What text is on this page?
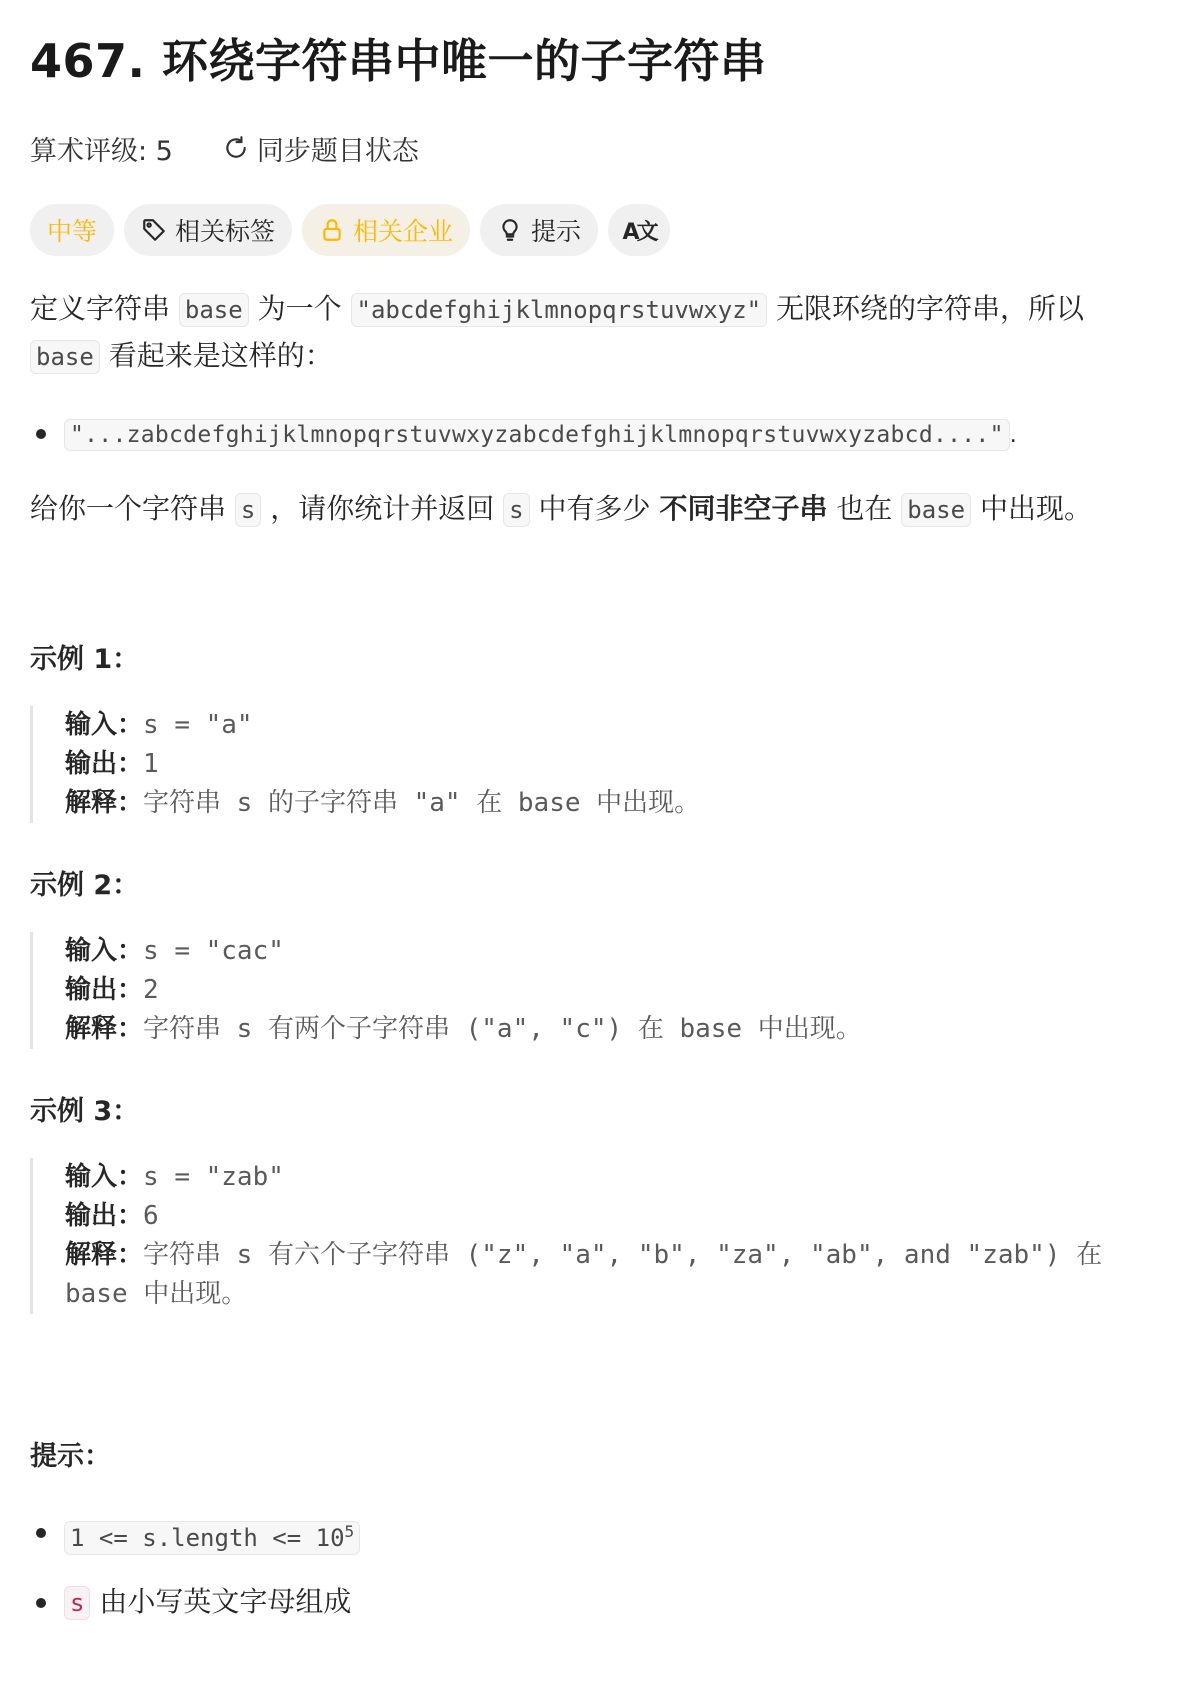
467. 环绕字符串中唯一的子字符串
算术评级: 5	同步题目状态
中等	相关标签	相关企业	提示 A文

定义字符串 base 为一个 "abcdefghijklmnopqrstuvwxyz" 无限环绕的字符串，所以 base 看起来是这样的：

"...zabcdefghijklmnopqrstuvwxyzabcdefghijklmnopqrstuvwxyzabcd...." .

给你一个字符串 s ，请你统计并返回 s 中有多少 不同非空子串 也在 base 中出现。

示例 1：

输入：s = "a"
输出：1
解释：字符串 s 的子字符串 "a" 在 base 中出现。

示例 2：

输入：s = "cac"
输出：2
解释：字符串 s 有两个子字符串 ("a", "c") 在 base 中出现。

示例 3：

输入：s = "zab"
输出：6
解释：字符串 s 有六个子字符串 ("z", "a", "b", "za", "ab", and "zab") 在 base 中出现。

提示：

1 <= s.length <= $10^5$
s 由小写英文字母组成
